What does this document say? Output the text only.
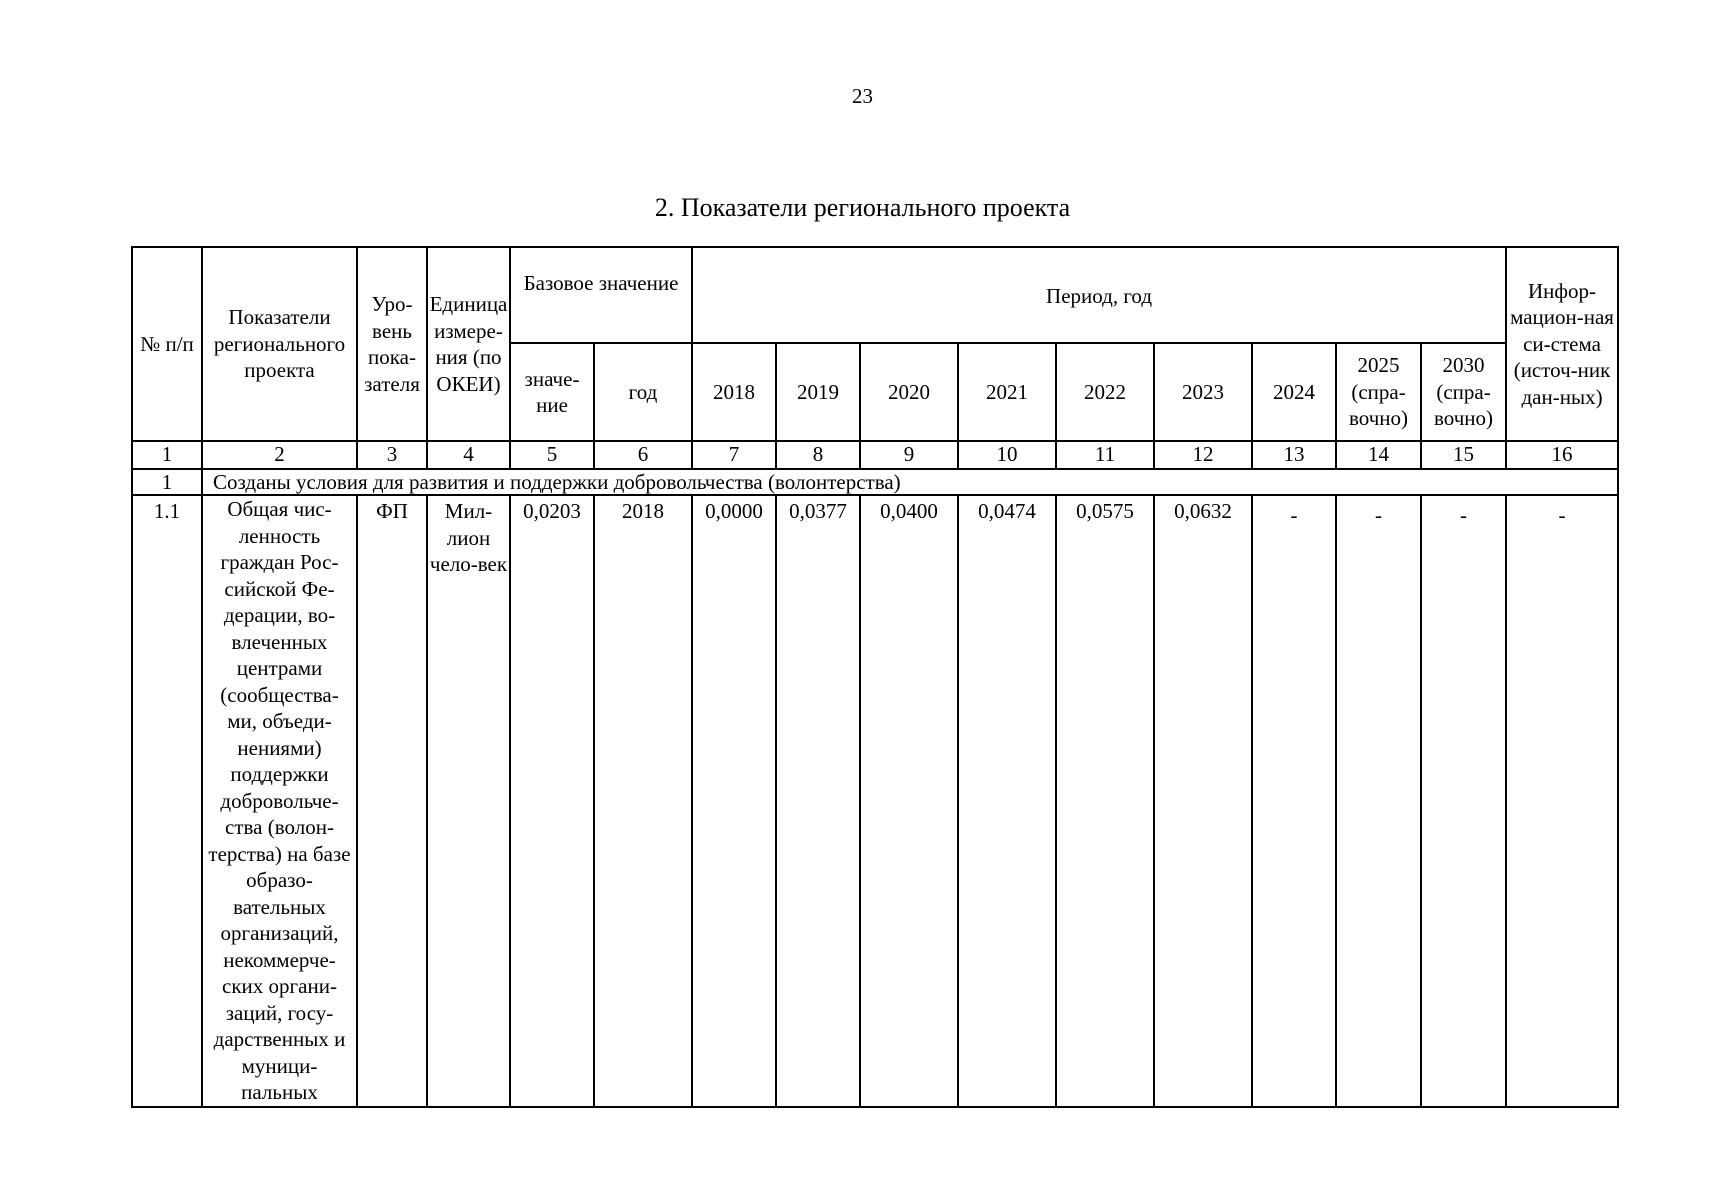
23
2. Показатели регионального проекта
№ п/п	Показатели регионального проекта	Уро-вень пока-зателя	Единица измере-ния (по ОКЕИ)	Базовое значение		Период, год									Инфор-мацион-ная си-стема (источ-ник дан-ных)
				значе-ние	год	2018	2019	2020	2021	2022	2023	2024	2025 (спра-вочно)	2030 (спра-вочно)	
1	2	3	4	5	6	7	8	9	10	11	12	13	14	15	16
1	Созданы условия для развития и поддержки добровольчества (волонтерства)														
1.1	Общая чис-ленность граждан Рос-сийской Фе-дерации, во-влеченных центрами (сообщества-ми, объеди-нениями) поддержки добровольче-ства (волон-терства) на базе образо-вательных организаций, некоммерче-ских органи-заций, госу-дарственных и муници-пальных	ФП	Мил-лион чело-век	0,0203	2018	0,0000	0,0377	0,0400	0,0474	0,0575	0,0632	-	-	-	-
